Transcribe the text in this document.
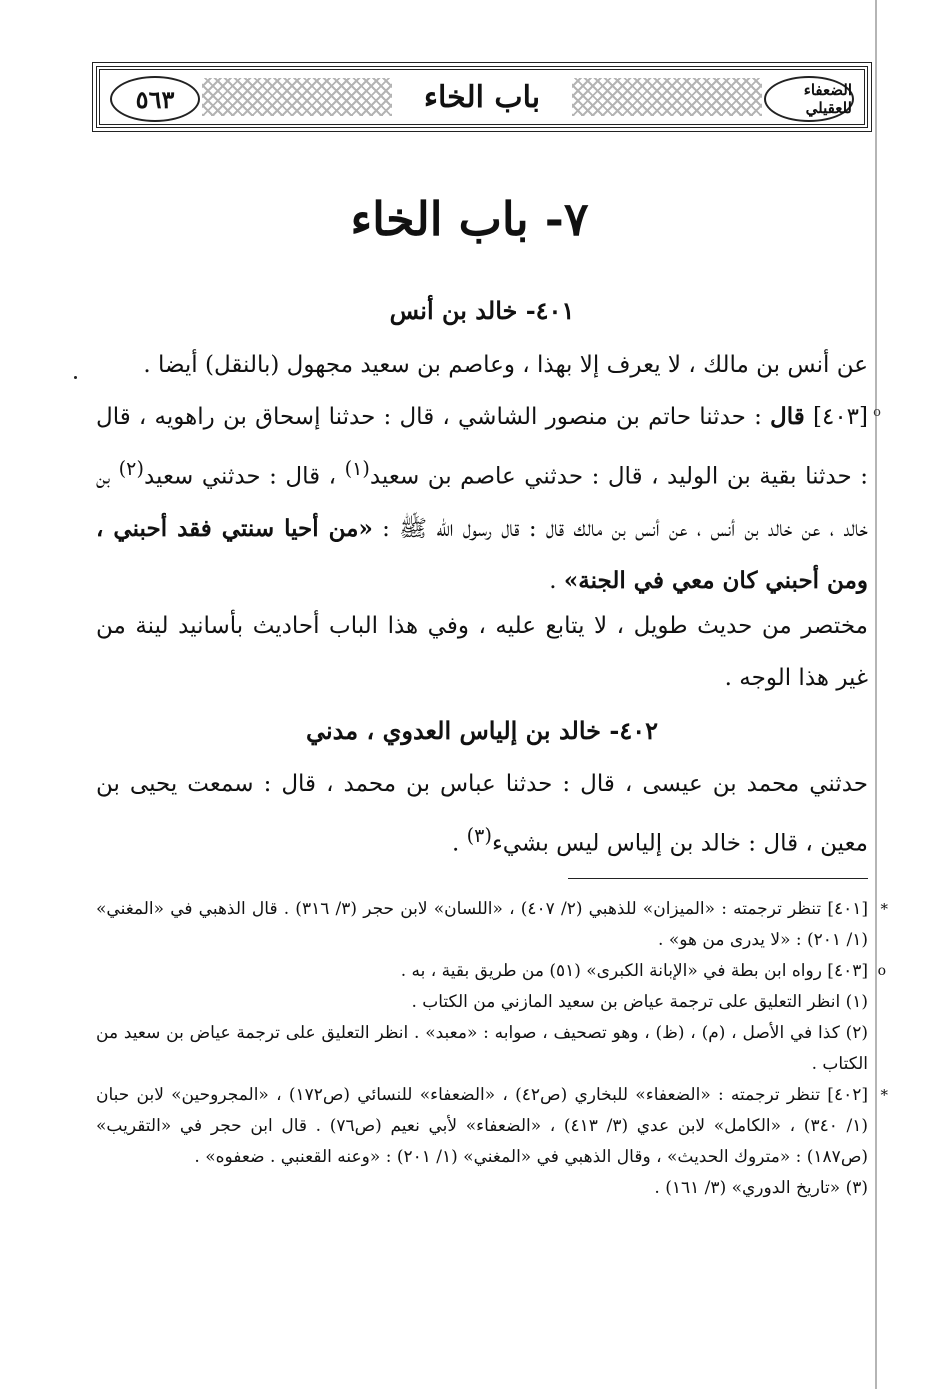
٥٦٣	باب الخاء	الضعفاء للعقيلي
٧- باب الخاء
٤٠١- خالد بن أنس

عن أنس بن مالك ، لا يعرف إلا بهذا ، وعاصم بن سعيد مجهول (بالنقل) أيضا .

[٤٠٣] قال : حدثنا حاتم بن منصور الشاشي ، قال : حدثنا إسحاق بن راهويه ، قال : حدثنا بقية بن الوليد ، قال : حدثني عاصم بن سعيد$^{(١)}$ ، قال : حدثني سعيد$^{(٢)}$ بن خالد ، عن خالد بن أنس ، عن أنس بن مالك قال : قال رسول الله ﷺ : «من أحيا سنتي فقد أحبني ، ومن أحبني كان معي في الجنة» .

o

مختصر من حديث طويل ، لا يتابع عليه ، وفي هذا الباب أحاديث بأسانيد لينة من غير هذا الوجه .

٤٠٢- خالد بن إلياس العدوي ، مدني

حدثني محمد بن عيسى ، قال : حدثنا عباس بن محمد ، قال : سمعت يحيى بن معين ، قال : خالد بن إلياس ليس بشيء$^{(٣)}$ .

*
[٤٠١] تنظر ترجمته : «الميزان» للذهبي (٢/ ٤٠٧) ، «اللسان» لابن حجر (٣/ ٣١٦) . قال الذهبي في «المغني» (١/ ٢٠١) : «لا يدرى من هو» .

o
[٤٠٣] رواه ابن بطة في «الإبانة الكبرى» (٥١) من طريق بقية ، به .

(١) انظر التعليق على ترجمة عياض بن سعيد المازني من الكتاب .

(٢) كذا في الأصل ، (م) ، (ظ) ، وهو تصحيف ، صوابه : «معبد» . انظر التعليق على ترجمة عياض بن سعيد من الكتاب .

*
[٤٠٢] تنظر ترجمته : «الضعفاء» للبخاري (ص٤٢) ، «الضعفاء» للنسائي (ص١٧٢) ، «المجروحين» لابن حبان (١/ ٣٤٠) ، «الكامل» لابن عدي (٣/ ٤١٣) ، «الضعفاء» لأبي نعيم (ص٧٦) . قال ابن حجر في «التقريب» (ص١٨٧) : «متروك الحديث» ، وقال الذهبي في «المغني» (١/ ٢٠١) : «وعنه القعنبي . ضعفوه» .

(٣) «تاريخ الدوري» (٣/ ١٦١) .
